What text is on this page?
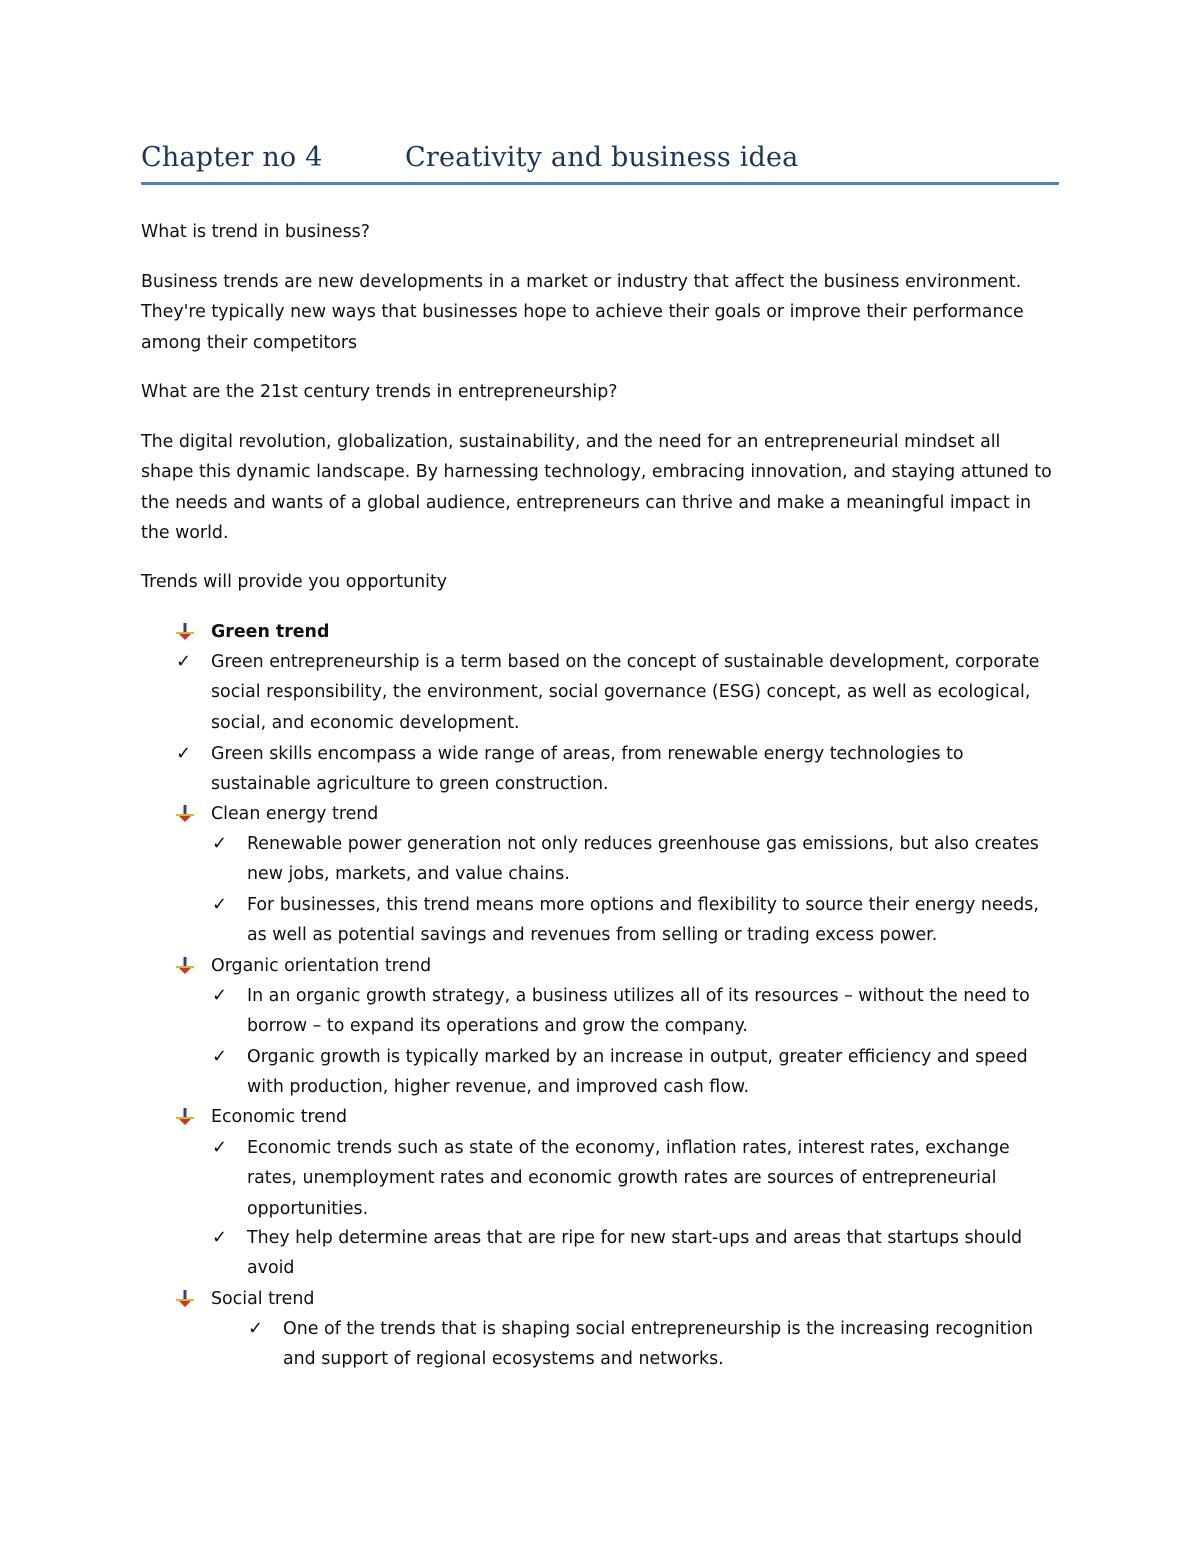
Chapter no 4	Creativity and business idea
What is trend in business?
Business trends are new developments in a market or industry that affect the business environment.
They're typically new ways that businesses hope to achieve their goals or improve their performance
among their competitors
What are the 21st century trends in entrepreneurship?
The digital revolution, globalization, sustainability, and the need for an entrepreneurial mindset all
shape this dynamic landscape. By harnessing technology, embracing innovation, and staying attuned to
the needs and wants of a global audience, entrepreneurs can thrive and make a meaningful impact in
the world.
Trends will provide you opportunity
Green trend
✓ Green entrepreneurship is a term based on the concept of sustainable development, corporate
social responsibility, the environment, social governance (ESG) concept, as well as ecological,
social, and economic development.
✓ Green skills encompass a wide range of areas, from renewable energy technologies to
sustainable agriculture to green construction.
Clean energy trend
✓ Renewable power generation not only reduces greenhouse gas emissions, but also creates
new jobs, markets, and value chains.
✓ For businesses, this trend means more options and flexibility to source their energy needs,
as well as potential savings and revenues from selling or trading excess power.
Organic orientation trend
✓ In an organic growth strategy, a business utilizes all of its resources – without the need to
borrow – to expand its operations and grow the company.
✓ Organic growth is typically marked by an increase in output, greater efficiency and speed
with production, higher revenue, and improved cash flow.
Economic trend
✓ Economic trends such as state of the economy, inflation rates, interest rates, exchange
rates, unemployment rates and economic growth rates are sources of entrepreneurial
opportunities.
✓ They help determine areas that are ripe for new start-ups and areas that startups should
avoid
Social trend
✓ One of the trends that is shaping social entrepreneurship is the increasing recognition
and support of regional ecosystems and networks.
